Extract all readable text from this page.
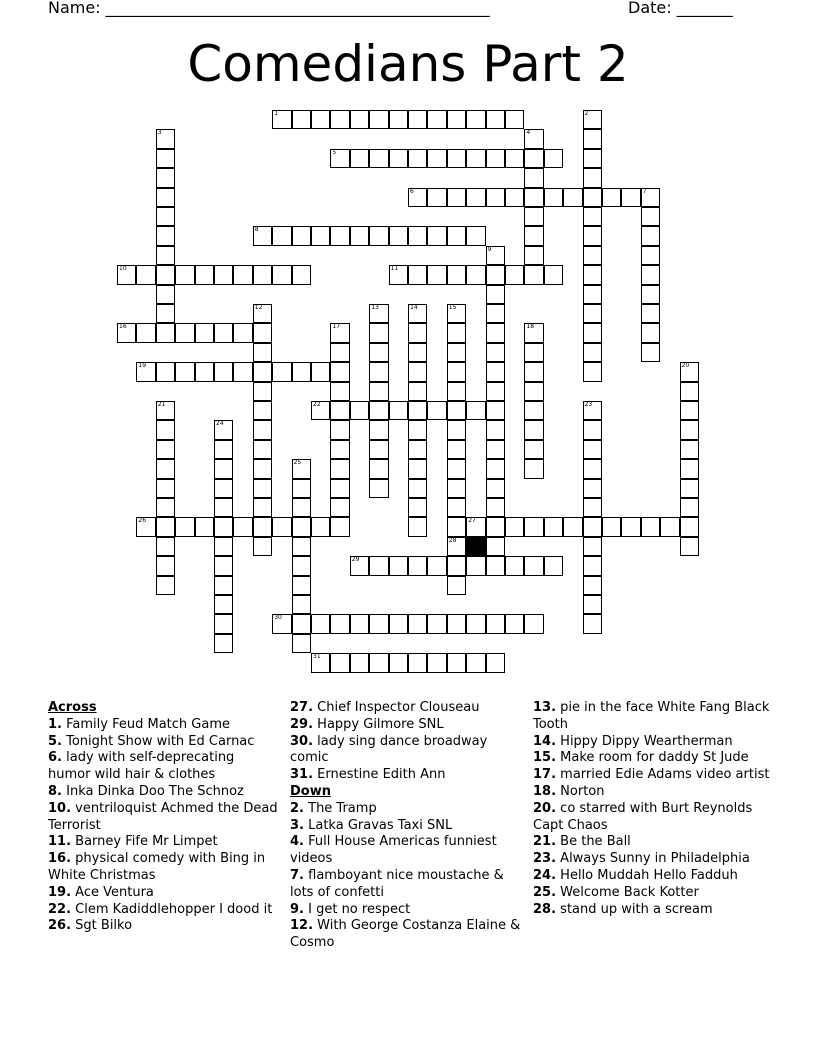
Name: ________________________________________________	Date: _______
Comedians Part 2
1
5
6	7
8
10	11
16
19
22
26	27
29
30
31
2
3	4
9
12	13	14	15
28
17	18
20
21	23
24
25
Across
1. Family Feud Match Game
5. Tonight Show with Ed Carnac
6. lady with self-deprecating humor wild hair & clothes
8. Inka Dinka Doo The Schnoz
10. ventriloquist Achmed the Dead Terrorist
11. Barney Fife Mr Limpet
16. physical comedy with Bing in White Christmas
19. Ace Ventura
22. Clem Kadiddlehopper I dood it
26. Sgt Bilko
27. Chief Inspector Clouseau
29. Happy Gilmore SNL
30. lady sing dance broadway comic
31. Ernestine Edith Ann
Down
2. The Tramp
3. Latka Gravas Taxi SNL
4. Full House Americas funniest videos
7. flamboyant nice moustache & lots of confetti
9. I get no respect
12. With George Costanza Elaine & Cosmo
13. pie in the face White Fang Black Tooth
14. Hippy Dippy Weartherman
15. Make room for daddy St Jude
17. married Edie Adams video artist
18. Norton
20. co starred with Burt Reynolds Capt Chaos
21. Be the Ball
23. Always Sunny in Philadelphia
24. Hello Muddah Hello Fadduh
25. Welcome Back Kotter
28. stand up with a scream
